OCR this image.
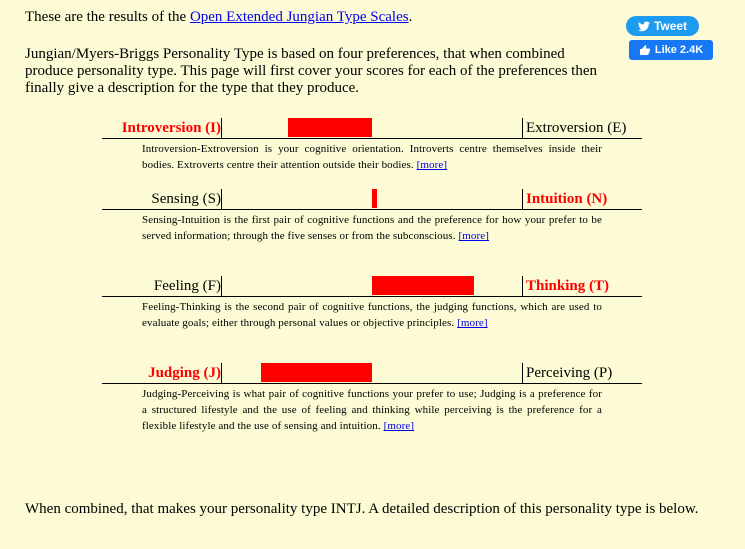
These are the results of the Open Extended Jungian Type Scales.

Tweet
Like 2.4K

Jungian/Myers-Briggs Personality Type is based on four preferences, that when combined produce personality type. This page will first cover your scores for each of the preferences then finally give a description for the type that they produce.

Introversion (I)	Extroversion (E)
Introversion-Extroversion is your cognitive orientation. Introverts centre themselves inside their bodies. Extroverts centre their attention outside their bodies. [more]
Sensing (S)	Intuition (N)
Sensing-Intuition is the first pair of cognitive functions and the preference for how your prefer to be served information; through the five senses or from the subconscious. [more]
Feeling (F)	Thinking (T)
Feeling-Thinking is the second pair of cognitive functions, the judging functions, which are used to evaluate goals; either through personal values or objective principles. [more]
Judging (J)	Perceiving (P)
Judging-Perceiving is what pair of cognitive functions your prefer to use; Judging is a preference for a structured lifestyle and the use of feeling and thinking while perceiving is the preference for a flexible lifestyle and the use of sensing and intuition. [more]

When combined, that makes your personality type INTJ. A detailed description of this personality type is below.
